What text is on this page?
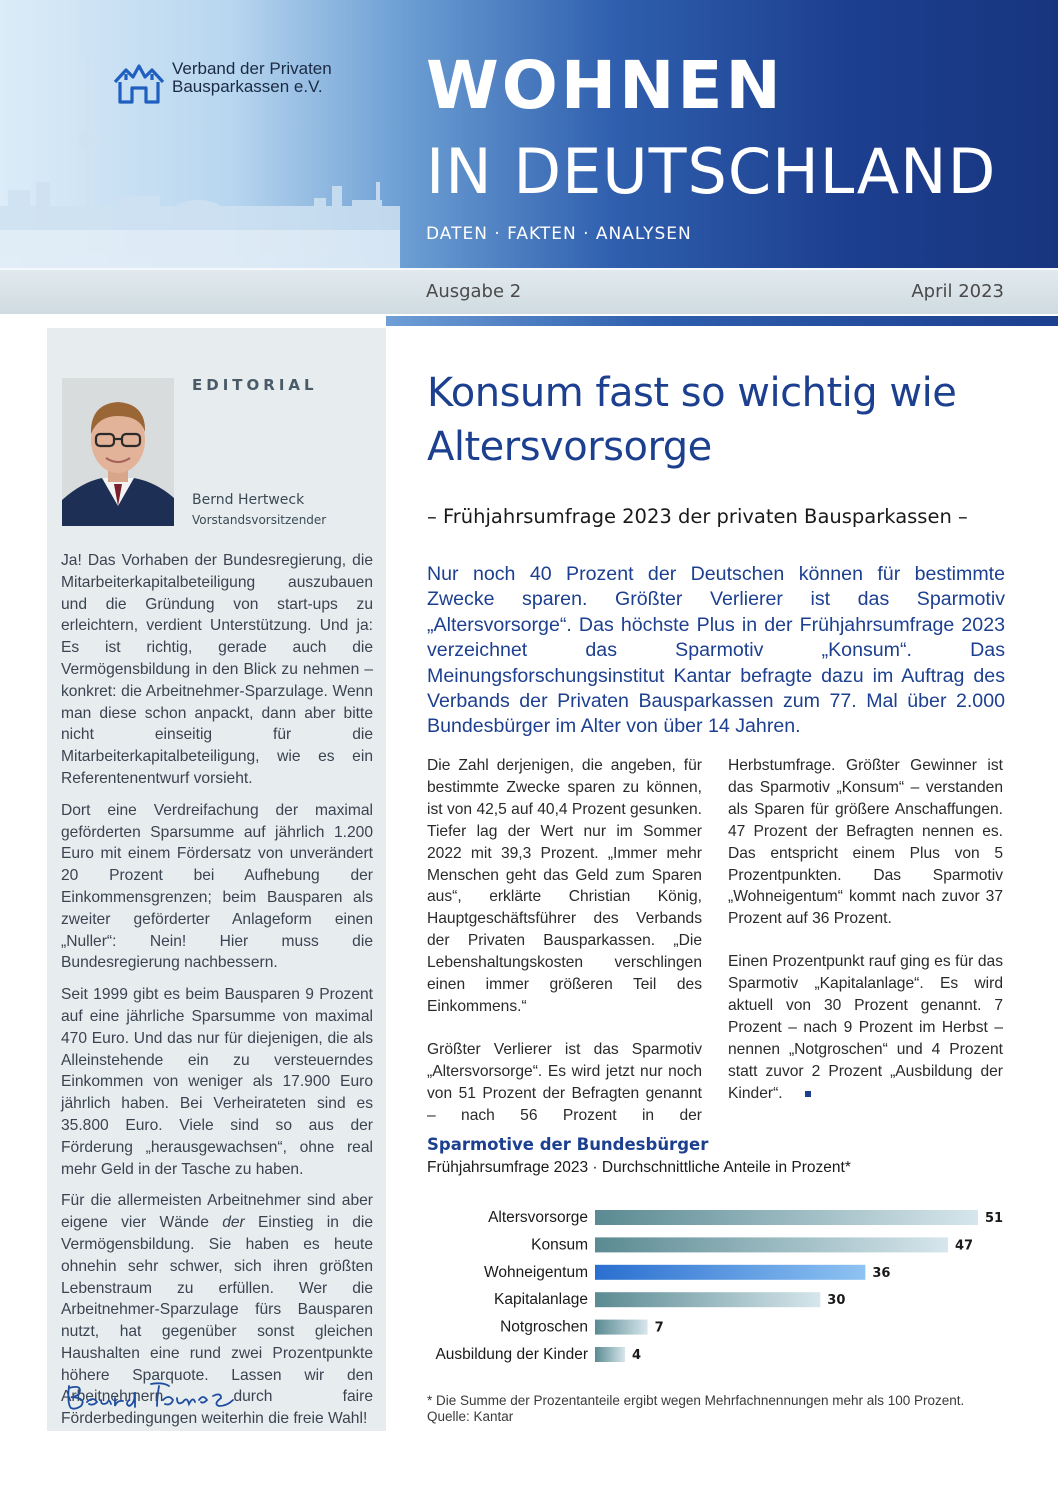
Verband der Privaten
Bausparkassen e.V. WOHNEN
IN DEUTSCHLAND
DATEN · FAKTEN · ANALYSEN
Ausgabe 2	April 2023
EDITORIAL
Bernd Hertweck
Vorstandsvorsitzender

Ja! Das Vorhaben der Bundesregierung, die Mitarbeiterkapitalbeteiligung auszubauen und die Gründung von start-ups zu erleichtern, verdient Unterstützung. Und ja: Es ist richtig, gerade auch die Vermögensbildung in den Blick zu nehmen – konkret: die Arbeitnehmer-Sparzulage. Wenn man diese schon anpackt, dann aber bitte nicht einseitig für die Mitarbeiterkapitalbeteiligung, wie es ein Referentenentwurf vorsieht.

Dort eine Verdreifachung der maximal geförderten Sparsumme auf jährlich 1.200 Euro mit einem Fördersatz von unverändert 20 Prozent bei Aufhebung der Einkommensgrenzen; beim Bausparen als zweiter geförderter Anlageform einen „Nuller“: Nein! Hier muss die Bundesregierung nachbessern.

Seit 1999 gibt es beim Bausparen 9 Prozent auf eine jährliche Sparsumme von maximal 470 Euro. Und das nur für diejenigen, die als Alleinstehende ein zu versteuerndes Einkommen von weniger als 17.900 Euro jährlich haben. Bei Verheirateten sind es 35.800 Euro. Viele sind so aus der Förderung „herausgewachsen“, ohne real mehr Geld in der Tasche zu haben.

Für die allermeisten Arbeitnehmer sind aber eigene vier Wände der Einstieg in die Vermögensbildung. Sie haben es heute ohnehin sehr schwer, sich ihren größten Lebenstraum zu erfüllen. Wer die Arbeitnehmer-Sparzulage fürs Bausparen nutzt, hat gegenüber sonst gleichen Haushalten eine rund zwei Prozentpunkte höhere Sparquote. Lassen wir den Arbeitnehmern durch faire Förderbedingungen weiterhin die freie Wahl!

Konsum fast so wichtig wie Altersvorsorge
– Frühjahrsumfrage 2023 der privaten Bausparkassen –
Nur noch 40 Prozent der Deutschen können für bestimmte Zwecke sparen. Größter Verlierer ist das Sparmotiv „Altersvorsorge“. Das höchste Plus in der Frühjahrsumfrage 2023 verzeichnet das Sparmotiv „Konsum“. Das Meinungsforschungsinstitut Kantar befragte dazu im Auftrag des Verbands der Privaten Bausparkassen zum 77. Mal über 2.000 Bundesbürger im Alter von über 14 Jahren.

Die Zahl derjenigen, die angeben, für bestimmte Zwecke sparen zu können, ist von 42,5 auf 40,4 Prozent gesunken. Tiefer lag der Wert nur im Sommer 2022 mit 39,3 Prozent. „Immer mehr Menschen geht das Geld zum Sparen aus“, erklärte Christian König, Hauptgeschäftsführer des Verbands der Privaten Bausparkassen. „Die Lebenshaltungskosten verschlingen einen immer größeren Teil des Einkommens.“

Größter Verlierer ist das Sparmotiv „Altersvorsorge“. Es wird jetzt nur noch von 51 Prozent der Befragten genannt – nach 56 Prozent in der Herbstumfrage. Größter Gewinner ist das Sparmotiv „Konsum“ – verstanden als Sparen für größere Anschaffungen. 47 Prozent der Befragten nennen es. Das entspricht einem Plus von 5 Prozentpunkten. Das Sparmotiv „Wohneigentum“ kommt nach zuvor 37 Prozent auf 36 Prozent.

Einen Prozentpunkt rauf ging es für das Sparmotiv „Kapitalanlage“. Es wird aktuell von 30 Prozent genannt. 7 Prozent – nach 9 Prozent im Herbst – nennen „Notgroschen“ und 4 Prozent statt zuvor 2 Prozent „Ausbildung der Kinder“.

Sparmotive der Bundesbürger
Frühjahrsumfrage 2023 · Durchschnittliche Anteile in Prozent*
Altersvorsorge	51
Konsum	47
Wohneigentum	36
Kapitalanlage	30
Notgroschen	7
Ausbildung der Kinder	4
* Die Summe der Prozentanteile ergibt wegen Mehrfachnennungen mehr als 100 Prozent.
Quelle: Kantar
